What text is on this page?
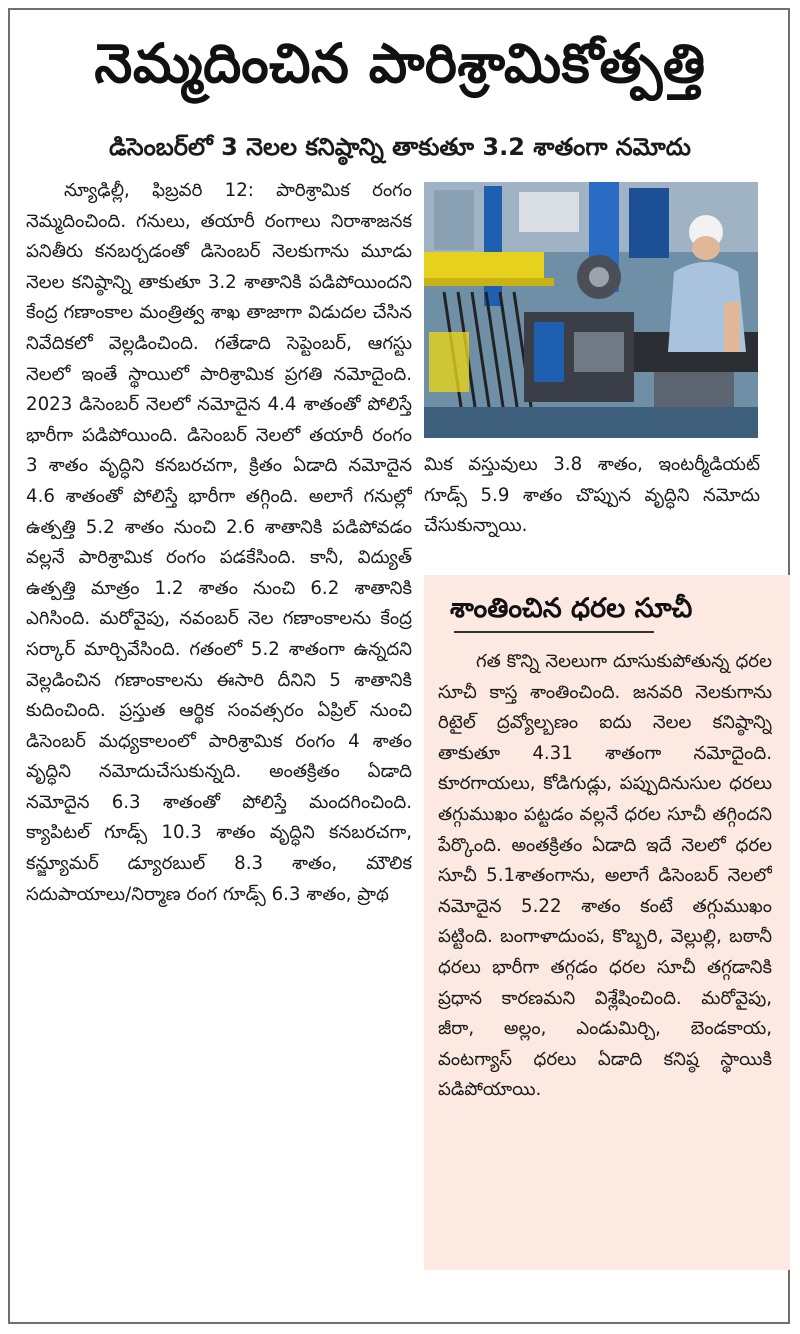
నెమ్మదించిన పారిశ్రామికోత్పత్తి
డిసెంబర్‌లో 3 నెలల కనిష్ఠాన్ని తాకుతూ 3.2 శాతంగా నమోదు

న్యూఢిల్లీ, ఫిబ్రవరి 12: పారిశ్రామిక రంగం నెమ్మదించింది. గనులు, తయారీ రంగాలు నిరాశాజనక పనితీరు కనబర్చడంతో డిసెంబర్ నెలకుగాను మూడు నెలల కనిష్ఠాన్ని తాకుతూ 3.2 శాతానికి పడిపోయిందని కేంద్ర గణాంకాల మంత్రిత్వ శాఖ తాజాగా విడుదల చేసిన నివేదికలో వెల్లడించింది. గతేడాది సెప్టెంబర్, ఆగస్టు నెలలో ఇంతే స్థాయిలో పారిశ్రామిక ప్రగతి నమోదైంది. 2023 డిసెంబర్ నెలలో నమోదైన 4.4 శాతంతో పోలిస్తే భారీగా పడిపోయింది. డిసెంబర్ నెలలో తయారీ రంగం 3 శాతం వృద్ధిని కనబరచగా, క్రితం ఏడాది నమోదైన 4.6 శాతంతో పోలిస్తే భారీగా తగ్గింది. అలాగే గనుల్లో ఉత్పత్తి 5.2 శాతం నుంచి 2.6 శాతానికి పడిపోవడం వల్లనే పారిశ్రామిక రంగం పడకేసింది. కానీ, విద్యుత్ ఉత్పత్తి మాత్రం 1.2 శాతం నుంచి 6.2 శాతానికి ఎగిసింది. మరోవైపు, నవంబర్ నెల గణాంకాలను కేంద్ర సర్కార్ మార్చివేసింది. గతంలో 5.2 శాతంగా ఉన్నదని వెల్లడించిన గణాంకాలను ఈసారి దీనిని 5 శాతానికి కుదించింది. ప్రస్తుత ఆర్థిక సంవత్సరం ఏప్రిల్ నుంచి డిసెంబర్ మధ్యకాలంలో పారిశ్రామిక రంగం 4 శాతం వృద్ధిని నమోదుచేసుకున్నది. అంతక్రితం ఏడాది నమోదైన 6.3 శాతంతో పోలిస్తే మందగించింది. క్యాపిటల్ గూడ్స్ 10.3 శాతం వృద్ధిని కనబరచగా, కన్జ్యూమర్ డ్యూరబుల్ 8.3 శాతం, మౌలిక సదుపాయాలు/నిర్మాణ రంగ గూడ్స్ 6.3 శాతం, ప్రాథ

మిక వస్తువులు 3.8 శాతం, ఇంటర్మీడియట్ గూడ్స్ 5.9 శాతం చొప్పున వృద్ధిని నమోదు చేసుకున్నాయి.

శాంతించిన ధరల సూచీ

గత కొన్ని నెలలుగా దూసుకుపోతున్న ధరల సూచీ కాస్త శాంతించింది. జనవరి నెలకుగాను రిటైల్ ద్రవ్యోల్బణం ఐదు నెలల కనిష్ఠాన్ని తాకుతూ 4.31 శాతంగా నమోదైంది. కూరగాయలు, కోడిగుడ్లు, పప్పుదినుసుల ధరలు తగ్గుముఖం పట్టడం వల్లనే ధరల సూచీ తగ్గిందని పేర్కొంది. అంతక్రితం ఏడాది ఇదే నెలలో ధరల సూచీ 5.1శాతంగాను, అలాగే డిసెంబర్ నెలలో నమోదైన 5.22 శాతం కంటే తగ్గుముఖం పట్టింది. బంగాళాదుంప, కొబ్బరి, వెల్లుల్లి, బఠానీ ధరలు భారీగా తగ్గడం ధరల సూచీ తగ్గడానికి ప్రధాన కారణమని విశ్లేషించింది. మరోవైపు, జీరా, అల్లం, ఎండుమిర్చి, బెండకాయ, వంటగ్యాస్ ధరలు ఏడాది కనిష్ఠ స్థాయికి పడిపోయాయి.
